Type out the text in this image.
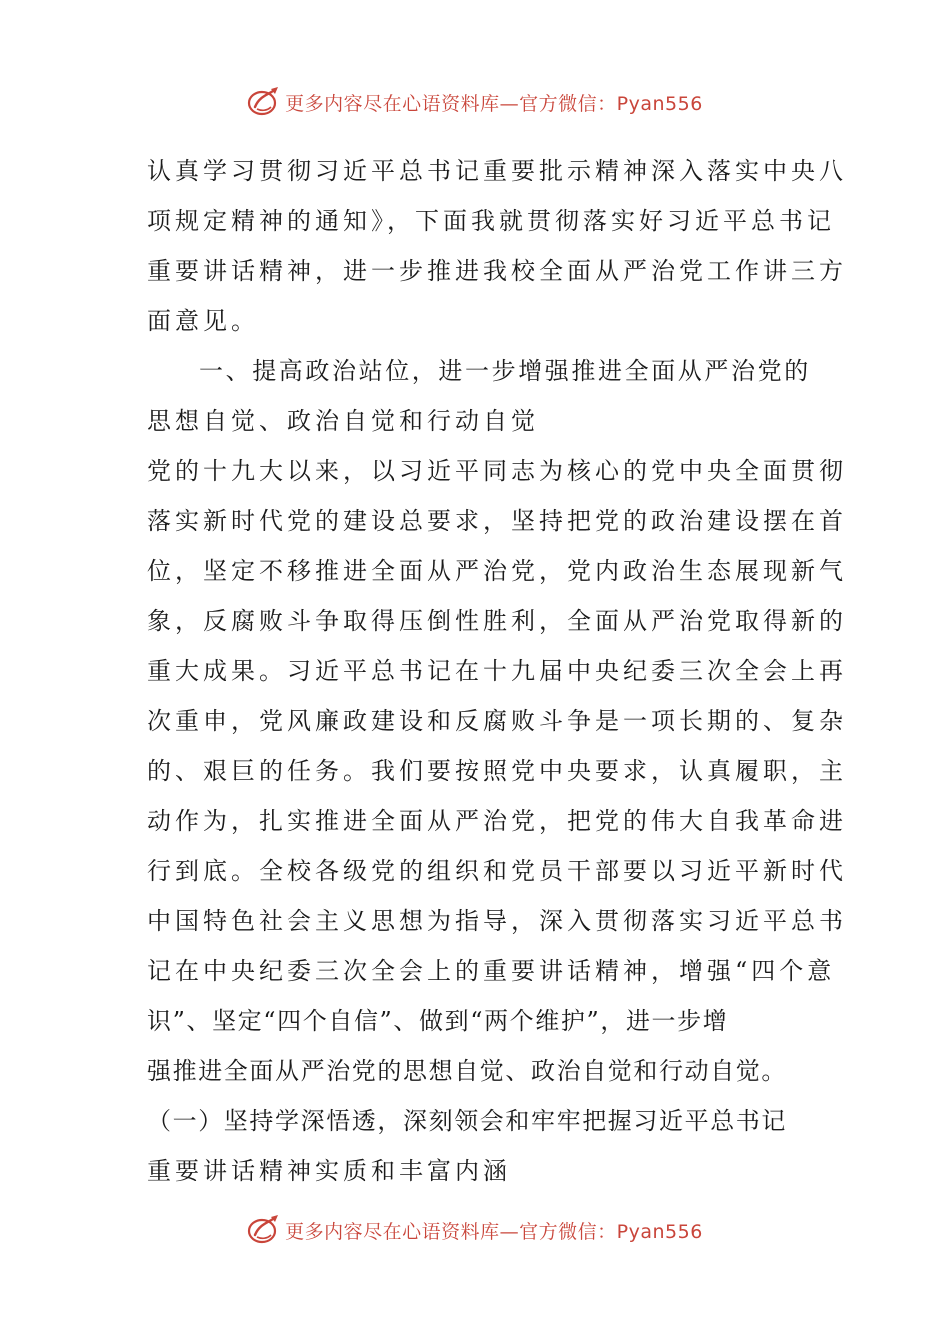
更多内容尽在心语资料库—官方微信：Pyan556
认真学习贯彻习近平总书记重要批示精神深入落实中央八
项规定精神的通知》，下面我就贯彻落实好习近平总书记
重要讲话精神，进一步推进我校全面从严治党工作讲三方
面意见。
一、提高政治站位，进一步增强推进全面从严治党的
思想自觉、政治自觉和行动自觉
党的十九大以来，以习近平同志为核心的党中央全面贯彻
落实新时代党的建设总要求，坚持把党的政治建设摆在首
位，坚定不移推进全面从严治党，党内政治生态展现新气
象，反腐败斗争取得压倒性胜利，全面从严治党取得新的
重大成果。习近平总书记在十九届中央纪委三次全会上再
次重申，党风廉政建设和反腐败斗争是一项长期的、复杂
的、艰巨的任务。我们要按照党中央要求，认真履职，主
动作为，扎实推进全面从严治党，把党的伟大自我革命进
行到底。全校各级党的组织和党员干部要以习近平新时代
中国特色社会主义思想为指导，深入贯彻落实习近平总书
记在中央纪委三次全会上的重要讲话精神，增强“四个意
识”、坚定“四个自信”、做到“两个维护”，进一步增
强推进全面从严治党的思想自觉、政治自觉和行动自觉。
（一）坚持学深悟透，深刻领会和牢牢把握习近平总书记
重要讲话精神实质和丰富内涵
更多内容尽在心语资料库—官方微信：Pyan556
